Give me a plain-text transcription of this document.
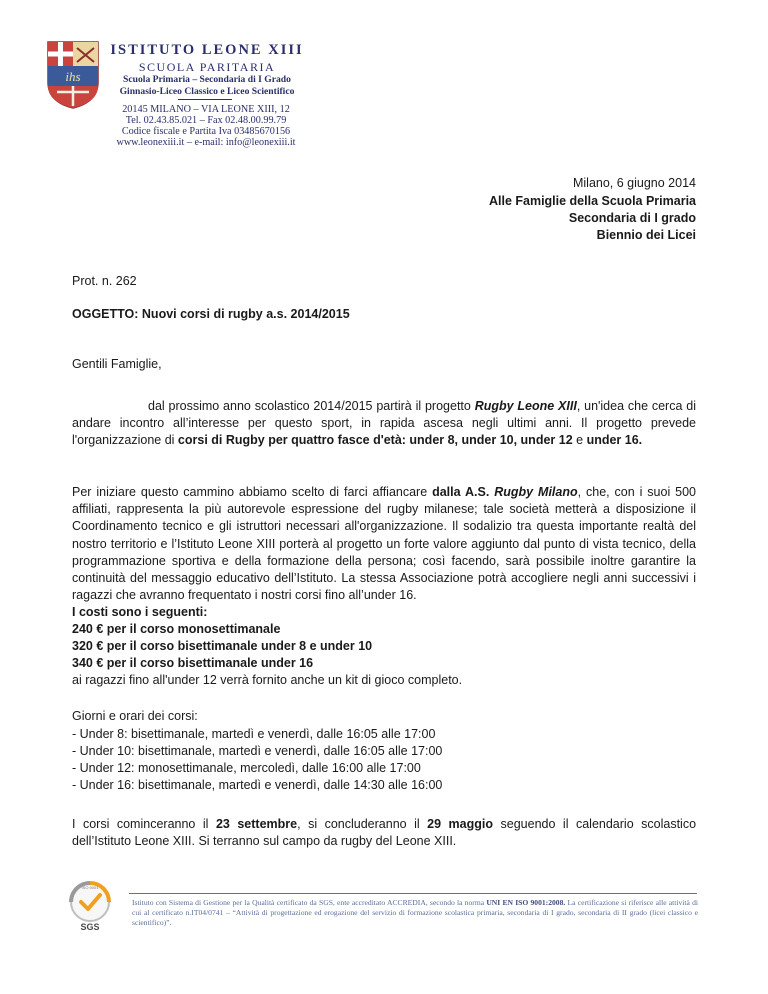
ihs
ISTITUTO LEONE XIII
SCUOLA PARITARIA
Scuola Primaria – Secondaria di I Grado
Ginnasio-Liceo Classico e Liceo Scientifico
20145 MILANO – VIA LEONE XIII, 12
Tel. 02.43.85.021 – Fax 02.48.00.99.79
Codice fiscale e Partita Iva 03485670156
www.leonexiii.it – e-mail: info@leonexiii.it
Milano, 6 giugno 2014
Alle Famiglie della Scuola Primaria
Secondaria di I grado
Biennio dei Licei
Prot. n. 262
OGGETTO: Nuovi corsi di rugby a.s. 2014/2015
Gentili Famiglie,
dal prossimo anno scolastico 2014/2015 partirà il progetto Rugby Leone XIII, un'idea che cerca di andare incontro all’interesse per questo sport, in rapida ascesa negli ultimi anni. Il progetto prevede l'organizzazione di corsi di Rugby per quattro fasce d'età: under 8, under 10, under 12 e under 16.
Per iniziare questo cammino abbiamo scelto di farci affiancare dalla A.S. Rugby Milano, che, con i suoi 500 affiliati, rappresenta la più autorevole espressione del rugby milanese; tale società metterà a disposizione il Coordinamento tecnico e gli istruttori necessari all'organizzazione. Il sodalizio tra questa importante realtà del nostro territorio e l’Istituto Leone XIII porterà al progetto un forte valore aggiunto dal punto di vista tecnico, della programmazione sportiva e della formazione della persona; così facendo, sarà possibile inoltre garantire la continuità del messaggio educativo dell’Istituto. La stessa Associazione potrà accogliere negli anni successivi i ragazzi che avranno frequentato i nostri corsi fino all’under 16.
I costi sono i seguenti:
240 € per il corso monosettimanale
320 € per il corso bisettimanale under 8 e under 10
340 € per il corso bisettimanale under 16
ai ragazzi fino all'under 12 verrà fornito anche un kit di gioco completo.
Giorni e orari dei corsi:
- Under 8: bisettimanale, martedì e venerdì, dalle 16:05 alle 17:00
- Under 10: bisettimanale, martedì e venerdì, dalle 16:05 alle 17:00
- Under 12: monosettimanale, mercoledì, dalle 16:00 alle 17:00
- Under 16: bisettimanale, martedì e venerdì, dalle 14:30 alle 16:00
I corsi cominceranno il 23 settembre, si concluderanno il 29 maggio seguendo il calendario scolastico dell’Istituto Leone XIII. Si terranno sul campo da rugby del Leone XIII.
ISO 9001
SGS
Istituto con Sistema di Gestione per la Qualità certificato da SGS, ente accreditato ACCREDIA, secondo la norma UNI EN ISO 9001:2008. La certificazione si riferisce alle attività di cui al certificato n.IT04/0741 – “Attività di progettazione ed erogazione del servizio di formazione scolastica primaria, secondaria di I grado, secondaria di II grado (licei classico e scientifico)”.
